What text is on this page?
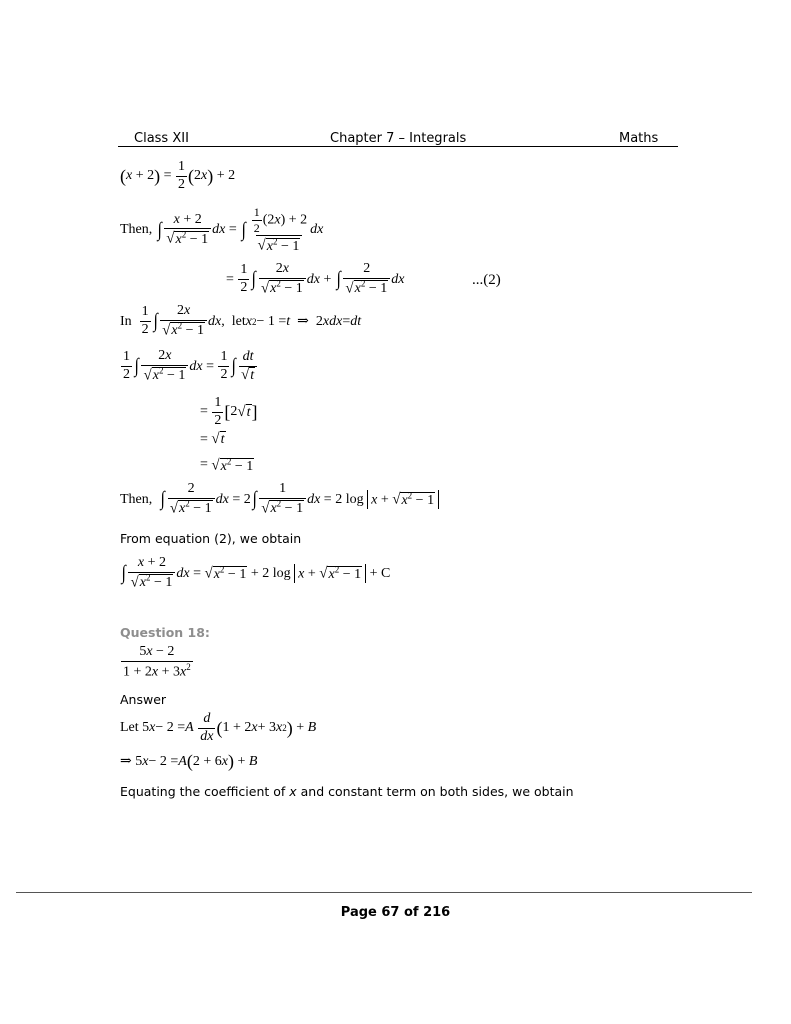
Class XII	Chapter 7 – Integrals	Maths
( x + 2 ) = $\frac{1}{2}$ ( 2 x ) + 2
Then,
∫ $\frac{x + 2}{√x^2 - 1}$ dx = ∫ $\frac{\frac{1}{2} (2x) + 2}{√x^2 - 1}$ dx
= $\frac{1}{2}$ ∫ $\frac{2x}{√x^2 - 1}$ dx + ∫ $\frac{2}{√x^2 - 1}$ dx	...(2)
In
$\frac{1}{2}$ ∫ $\frac{2x}{√x^2 - 1}$ dx ,  let x 2 − 1 = t ⇒  2 xdx = dt
$\frac{1}{2}$ ∫ $\frac{2x}{√x^2 - 1}$ dx = $\frac{1}{2}$ ∫ $\frac{dt}{√t}$
= $\frac{1}{2}$ [ 2 √t ]
= √t
= $√x^2 - 1$
Then,
∫ $\frac{2}{√x^2 - 1}$ dx = 2 ∫ $\frac{1}{√x^2 - 1}$ dx = 2 $\log x + √x^2 - 1$
From equation (2), we obtain
∫ $\frac{x + 2}{√x^2 - 1}$ dx = $√x^2 - 1 + 2$ $\log x + √x^2 - 1 + C$
Question 18:
$\frac{5x - 2}{1 + 2x + 3x^2}$
Answer
Let 5 x − 2 = A
$\frac{d}{dx}$ ( 1 + 2 x + 3 x 2 ) + B
⇒ 5 x − 2 = A ( 2 + 6 x ) + B
Equating the coefficient of x and constant term on both sides, we obtain
Page 67 of 216
